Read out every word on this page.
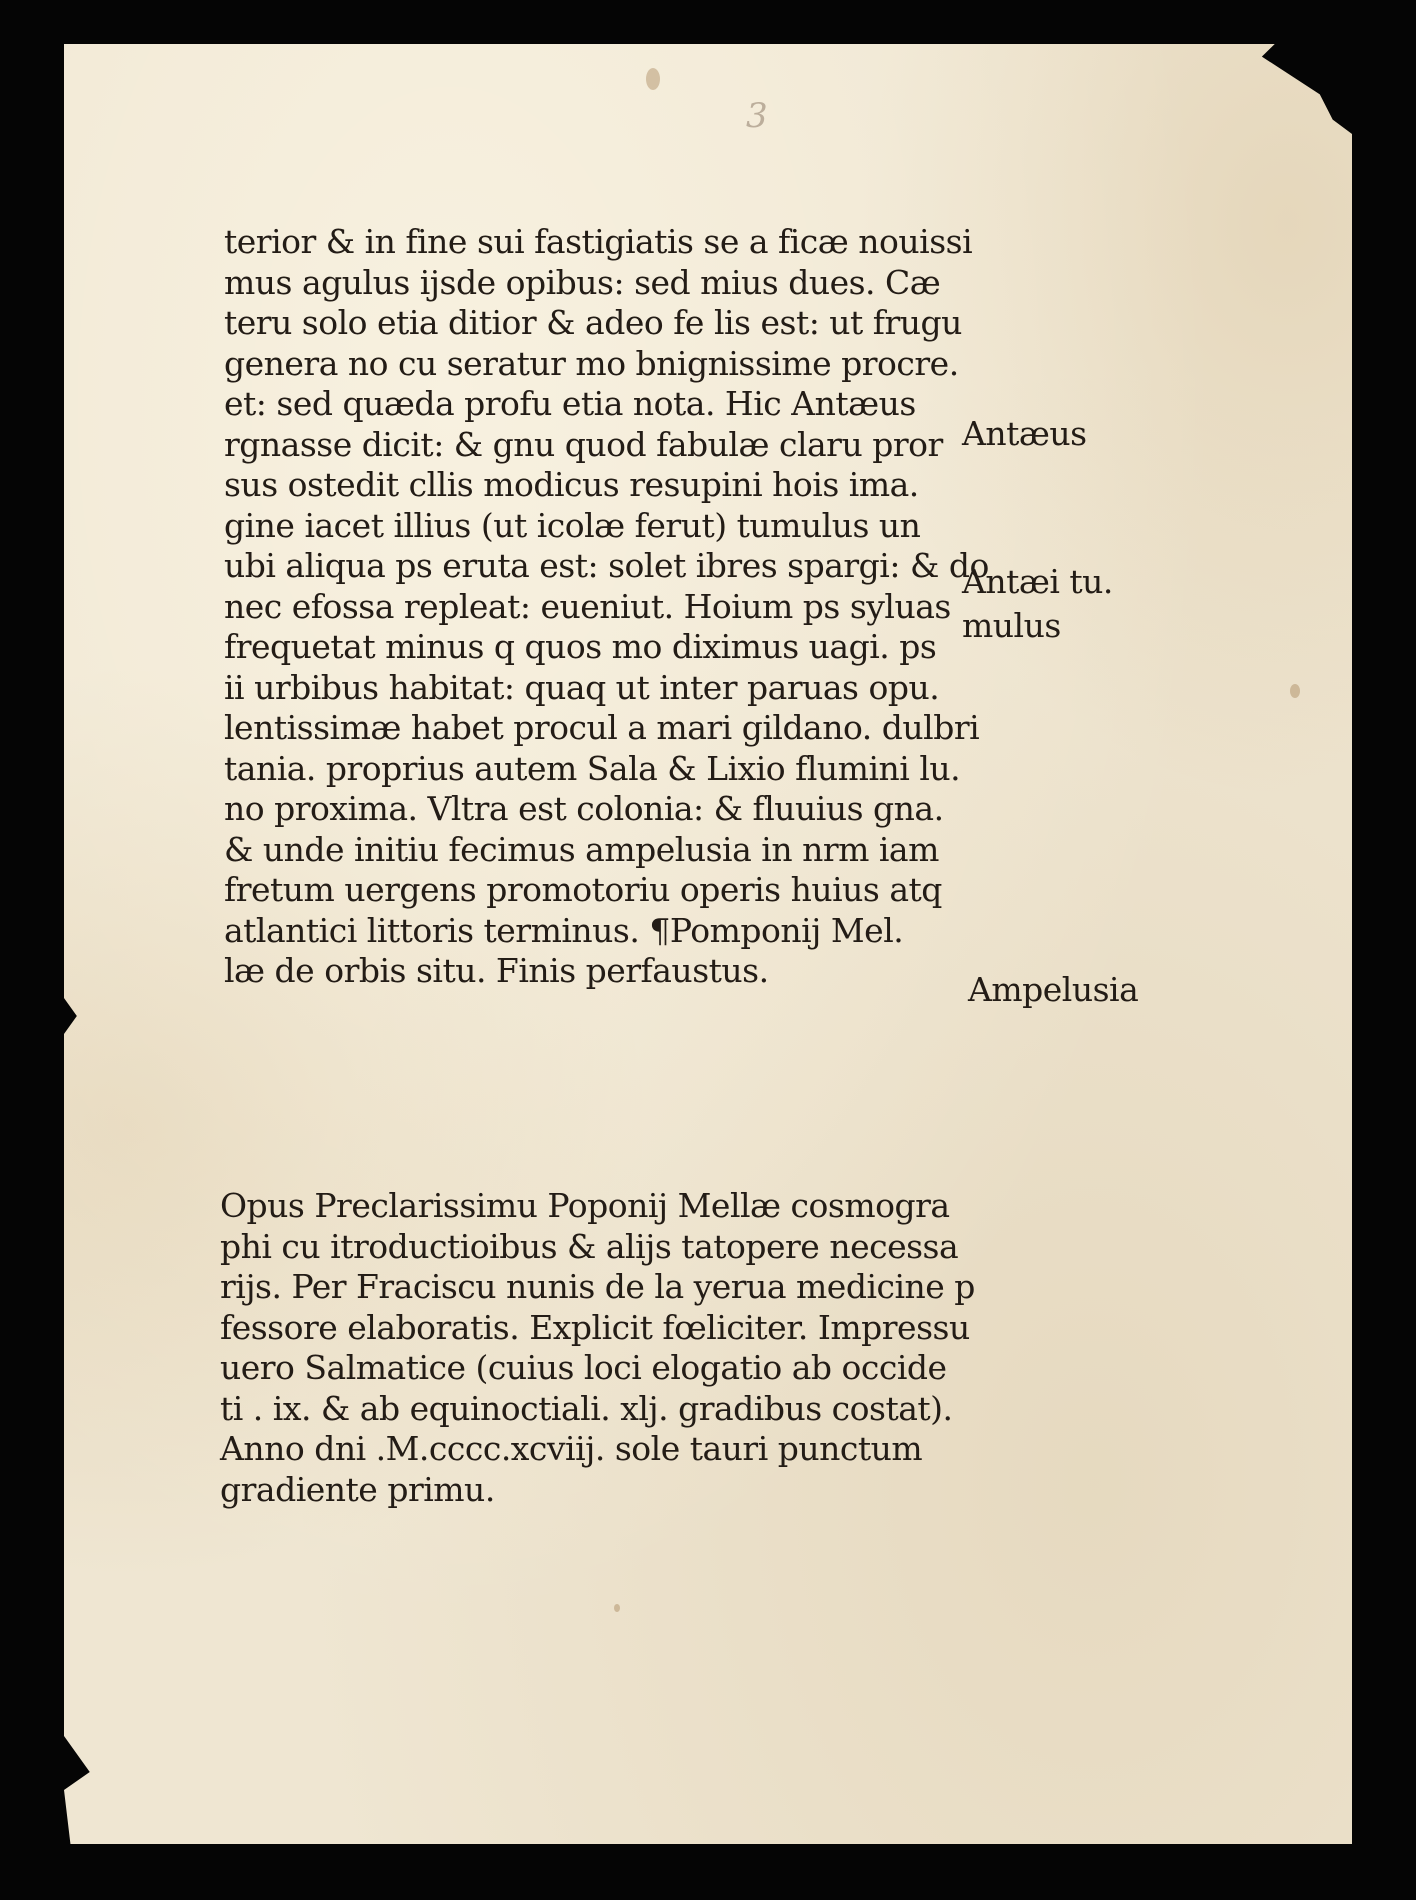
3
terior & in fine sui fastigiatis se a ficæ nouissi
mus agulus ijsde opibus: sed mius dues. Cæ
teru solo etia ditior & adeo fe lis est: ut frugu
genera no cu seratur mo bnignissime procre.
et: sed quæda profu etia nota. Hic Antæus
rgnasse dicit: & gnu quod fabulæ claru pror
sus ostedit cllis modicus resupini hois ima.
gine iacet illius (ut icolæ ferut) tumulus un
ubi aliqua ps eruta est: solet ibres spargi: & do
nec efossa repleat: eueniut. Hoium ps syluas
frequetat minus q quos mo diximus uagi. ps
ii urbibus habitat: quaq ut inter paruas opu.
lentissimæ habet procul a mari gildano. dulbri
tania. proprius autem Sala & Lixio flumini lu.
no proxima. Vltra est colonia: & fluuius gna.
& unde initiu fecimus ampelusia in nrm iam
fretum uergens promotoriu operis huius atq
atlantici littoris terminus. ¶Pomponij Mel.
læ de orbis situ. Finis perfaustus.
Opus Preclarissimu Poponij Mellæ cosmogra
phi cu itroductioibus & alijs tatopere necessa
rijs. Per Fraciscu nunis de la yerua medicine p
fessore elaboratis. Explicit fœliciter. Impressu
uero Salmatice (cuius loci elogatio ab occide
ti . ix. & ab equinoctiali. xlj. gradibus costat).
Anno dni .M.cccc.xcviij. sole tauri punctum
gradiente primu.
Antæus
Antæi tu.
mulus
Ampelusia
